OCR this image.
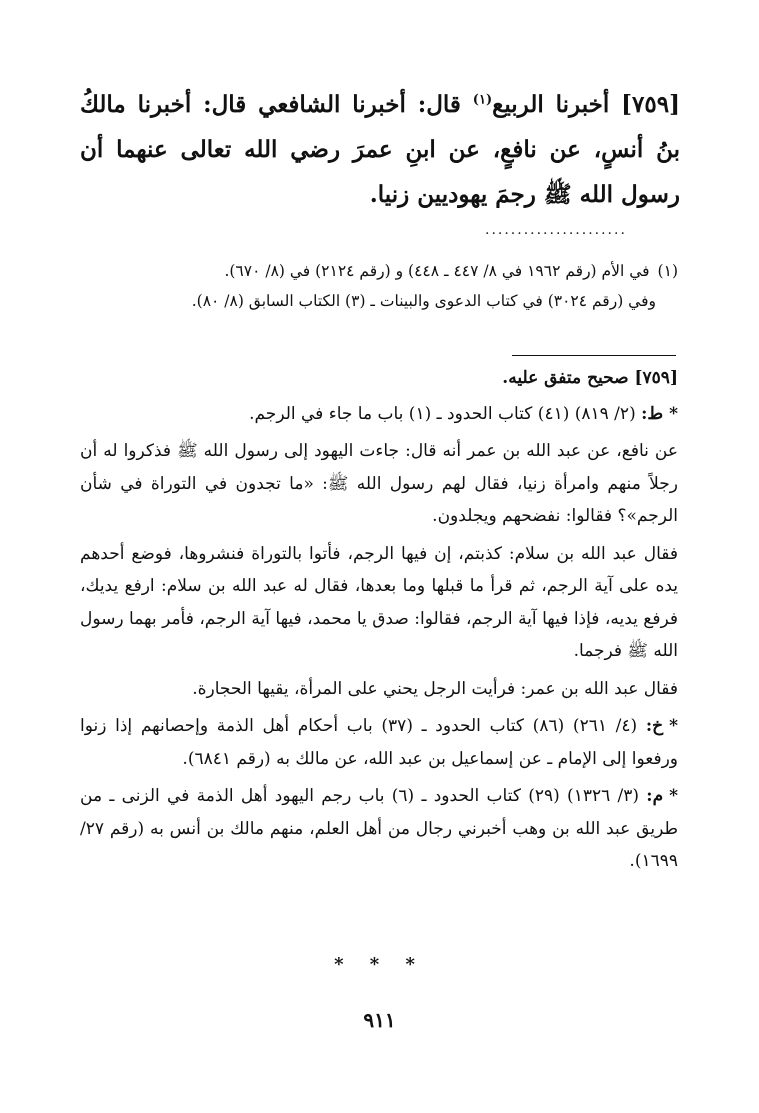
[٧٥٩] أخبرنا الربيع$^{(١)}$ قال: أخبرنا الشافعي قال: أخبرنا مالكُ بنُ أنسٍ، عن نافعٍ، عن ابنِ عمرَ رضي الله تعالى عنهما أن رسول الله ﷺ رجمَ يهوديين زنيا.
......................

(١)في الأم (رقم ١٩٦٢ في ٨/ ٤٤٧ ـ ٤٤٨) و (رقم ٢١٢٤) في (٨/ ٦٧٠).

وفي (رقم ٣٠٢٤) في كتاب الدعوى والبينات ـ (٣) الكتاب السابق (٨/ ٨٠).

[٧٥٩] صحيح متفق عليه.

*ط: (٢/ ٨١٩) (٤١) كتاب الحدود ـ (١) باب ما جاء في الرجم.

عن نافع، عن عبد الله بن عمر أنه قال: جاءت اليهود إلى رسول الله ﷺ فذكروا له أن رجلاً منهم وامرأة زنيا، فقال لهم رسول الله ﷺ: «ما تجدون في التوراة في شأن الرجم»؟ فقالوا: نفضحهم ويجلدون.

فقال عبد الله بن سلام: كذبتم، إن فيها الرجم، فأتوا بالتوراة فنشروها، فوضع أحدهم يده على آية الرجم، ثم قرأ ما قبلها وما بعدها، فقال له عبد الله بن سلام: ارفع يديك، فرفع يديه، فإذا فيها آية الرجم، فقالوا: صدق يا محمد، فيها آية الرجم، فأمر بهما رسول الله ﷺ فرجما.

فقال عبد الله بن عمر: فرأيت الرجل يحني على المرأة، يقيها الحجارة.

*خ: (٤/ ٢٦١) (٨٦) كتاب الحدود ـ (٣٧) باب أحكام أهل الذمة وإحصانهم إذا زنوا ورفعوا إلى الإمام ـ عن إسماعيل بن عبد الله، عن مالك به (رقم ٦٨٤١).

*م: (٣/ ١٣٢٦) (٢٩) كتاب الحدود ـ (٦) باب رجم اليهود أهل الذمة في الزنى ـ من طريق عبد الله بن وهب أخبرني رجال من أهل العلم، منهم مالك بن أنس به (رقم ٢٧/ ١٦٩٩).

* * *
٩١١
